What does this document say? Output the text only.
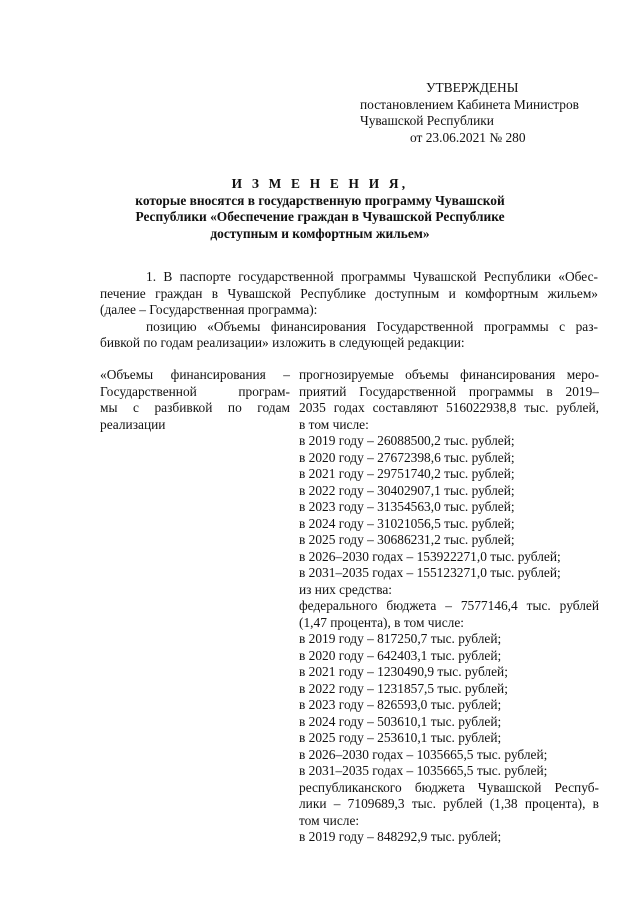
УТВЕРЖДЕНЫ
постановлением Кабинета Министров
Чувашской Республики
от 23.06.2021 № 280
И З М Е Н Е Н И Я,
которые вносятся в государственную программу Чувашской
Республики «Обеспечение граждан в Чувашской Республике
доступным и комфортным жильем»
1. В паспорте государственной программы Чувашской Республики «Обес-
печение граждан в Чувашской Республике доступным и комфортным жильем»
(далее – Государственная программа):
позицию «Объемы финансирования Государственной программы с раз-
бивкой по годам реализации» изложить в следующей редакции:
«Объемы финансирования –
Государственной програм-
мы с разбивкой по годам
реализации
прогнозируемые объемы финансирования меро-
приятий Государственной программы в 2019–
2035 годах составляют 516022938,8 тыс. рублей,
в том числе:
в 2019 году – 26088500,2 тыс. рублей;
в 2020 году – 27672398,6 тыс. рублей;
в 2021 году – 29751740,2 тыс. рублей;
в 2022 году – 30402907,1 тыс. рублей;
в 2023 году – 31354563,0 тыс. рублей;
в 2024 году – 31021056,5 тыс. рублей;
в 2025 году – 30686231,2 тыс. рублей;
в 2026–2030 годах – 153922271,0 тыс. рублей;
в 2031–2035 годах – 155123271,0 тыс. рублей;
из них средства:
федерального бюджета – 7577146,4 тыс. рублей
(1,47 процента), в том числе:
в 2019 году – 817250,7 тыс. рублей;
в 2020 году – 642403,1 тыс. рублей;
в 2021 году – 1230490,9 тыс. рублей;
в 2022 году – 1231857,5 тыс. рублей;
в 2023 году – 826593,0 тыс. рублей;
в 2024 году – 503610,1 тыс. рублей;
в 2025 году – 253610,1 тыс. рублей;
в 2026–2030 годах – 1035665,5 тыс. рублей;
в 2031–2035 годах – 1035665,5 тыс. рублей;
республиканского бюджета Чувашской Респуб-
лики – 7109689,3 тыс. рублей (1,38 процента), в
том числе:
в 2019 году – 848292,9 тыс. рублей;
